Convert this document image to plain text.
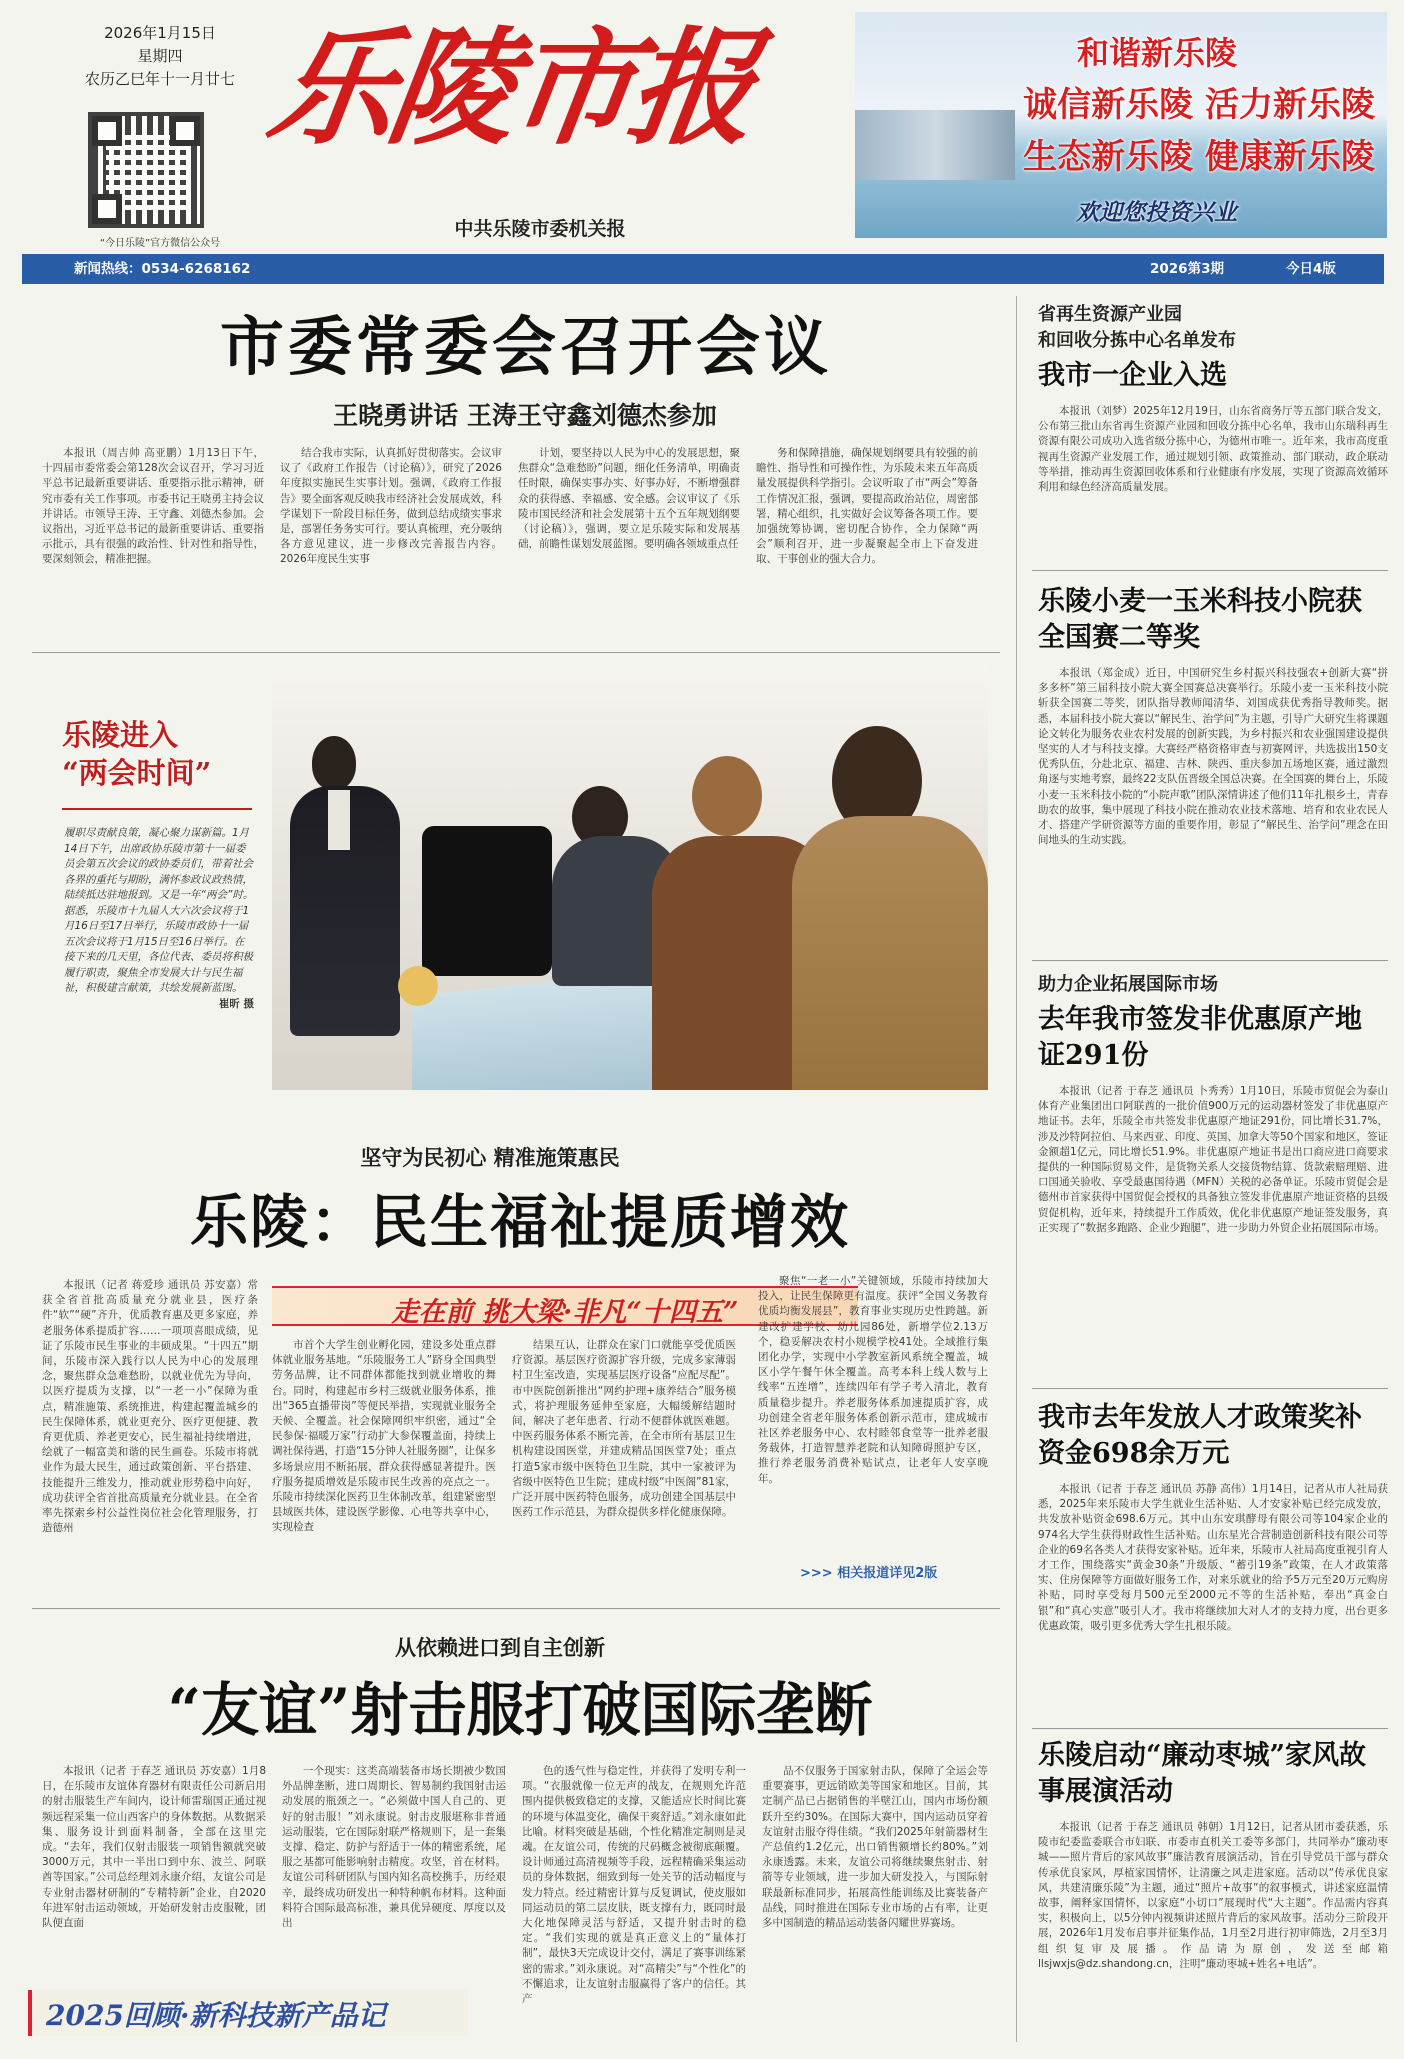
2026年1月15日
星期四
农历乙巳年十一月廿七
“今日乐陵”官方微信公众号
乐陵市报
中共乐陵市委机关报
和谐新乐陵
诚信新乐陵 活力新乐陵
生态新乐陵 健康新乐陵
欢迎您投资兴业
新闻热线：0534-6268162	2026第3期	今日4版
市委常委会召开会议
王晓勇讲话 王涛王守鑫刘德杰参加

本报讯（周吉帅 高亚鹏）1月13日下午，十四届市委常委会第128次会议召开，学习习近平总书记最新重要讲话、重要指示批示精神，研究市委有关工作事项。市委书记王晓勇主持会议并讲话。市领导王涛、王守鑫、刘德杰参加。会议指出，习近平总书记的最新重要讲话、重要指示批示，具有很强的政治性、针对性和指导性，要深刻领会，精准把握。

结合我市实际，认真抓好贯彻落实。会议审议了《政府工作报告（讨论稿）》，研究了2026年度拟实施民生实事计划。强调，《政府工作报告》要全面客观反映我市经济社会发展成效，科学谋划下一阶段目标任务，做到总结成绩实事求是，部署任务务实可行。要认真梳理，充分吸纳各方意见建议，进一步修改完善报告内容。2026年度民生实事

计划，要坚持以人民为中心的发展思想，聚焦群众“急难愁盼”问题，细化任务清单，明确责任时限，确保实事办实、好事办好，不断增强群众的获得感、幸福感、安全感。会议审议了《乐陵市国民经济和社会发展第十五个五年规划纲要（讨论稿）》，强调，要立足乐陵实际和发展基础，前瞻性谋划发展蓝图。要明确各领域重点任

务和保障措施，确保规划纲要具有较强的前瞻性、指导性和可操作性，为乐陵未来五年高质量发展提供科学指引。会议听取了市“两会”筹备工作情况汇报，强调，要提高政治站位，周密部署，精心组织，扎实做好会议筹备各项工作。要加强统筹协调，密切配合协作，全力保障“两会”顺利召开，进一步凝聚起全市上下奋发进取、干事创业的强大合力。

乐陵进入
“两会时间”
履职尽责献良策，凝心聚力谋新篇。1月14日下午，出席政协乐陵市第十一届委员会第五次会议的政协委员们，带着社会各界的重托与期盼，满怀参政议政热情，陆续抵达驻地报到。又是一年“两会”时。据悉，乐陵市十九届人大六次会议将于1月16日至17日举行，乐陵市政协十一届五次会议将于1月15日至16日举行。在接下来的几天里，各位代表、委员将积极履行职责，聚焦全市发展大计与民生福祉，积极建言献策，共绘发展新蓝图。
崔昕 摄
坚守为民初心 精准施策惠民
乐陵：民生福祉提质增效

本报讯（记者 蒋爱珍 通讯员 苏安嘉）常获全省首批高质量充分就业县，医疗条件“软”“硬”齐升，优质教育惠及更多家庭，养老服务体系提质扩容……一项项喜眼成绩，见证了乐陵市民生事业的丰硕成果。“十四五”期间，乐陵市深入践行以人民为中心的发展理念，聚焦群众急难愁盼，以就业优先为导向，以医疗提质为支撑，以“一老一小”保障为重点，精准施策、系统推进，构建起覆盖城乡的民生保障体系，就业更充分、医疗更便捷、教育更优质、养老更安心，民生福祉持续增进，绘就了一幅富美和谐的民生画卷。乐陵市将就业作为最大民生，通过政策创新、平台搭建、技能提升三维发力，推动就业形势稳中向好，成功获评全省首批高质量充分就业县。在全省率先探索乡村公益性岗位社会化管理服务，打造德州

走在前 挑大梁·非凡“十四五”

市首个大学生创业孵化园，建设多处重点群体就业服务基地。“乐陵服务工人”跻身全国典型劳务品牌，让不同群体都能找到就业增收的舞台。同时，构建起市乡村三级就业服务体系，推出“365直播带岗”等便民举措，实现就业服务全天候、全覆盖。社会保障网织牢织密，通过“全民参保·福暖万家”行动扩大参保覆盖面，持续上调社保待遇，打造“15分钟人社服务圈”，让保多多场景应用不断拓展，群众获得感显著提升。医疗服务提质增效是乐陵市民生改善的亮点之一。乐陵市持续深化医药卫生体制改革，组建紧密型县域医共体，建设医学影像、心电等共享中心，实现检查

结果互认，让群众在家门口就能享受优质医疗资源。基层医疗资源扩容升级，完成多家薄弱村卫生室改造，实现基层医疗设备“应配尽配”。市中医院创新推出“网约护理+康养结合”服务模式，将护理服务延伸至家庭，大幅缓解结题时间，解决了老年患者、行动不便群体就医难题。中医药服务体系不断完善，在全市所有基层卫生机构建设国医堂，并建成精品国医堂7处；重点打造5家市级中医特色卫生院，其中一家被评为省级中医特色卫生院；建成村级“中医阁”81家，广泛开展中医药特色服务，成功创建全国基层中医药工作示范县，为群众提供多样化健康保障。

聚焦“一老一小”关键领域，乐陵市持续加大投入，让民生保障更有温度。获评“全国义务教育优质均衡发展县”，教育事业实现历史性跨越。新建改扩建学校、幼儿园86处，新增学位2.13万个，稳妥解决农村小规模学校41处。全域推行集团化办学，实现中小学教室新风系统全覆盖，城区小学午餐午休全覆盖。高考本科上线人数与上线率“五连增”，连续四年有学子考入清北，教育质量稳步提升。养老服务体系加速提质扩容，成功创建全省老年服务体系创新示范市，建成城市社区养老服务中心、农村睦邻食堂等一批养老服务载体，打造智慧养老院和认知障碍照护专区，推行养老服务消费补贴试点，让老年人安享晚年。

>>> 相关报道详见2版
从依赖进口到自主创新
“友谊”射击服打破国际垄断

本报讯（记者 于春芝 通讯员 苏安嘉）1月8日，在乐陵市友谊体育器材有限责任公司新启用的射击服装生产车间内，设计师雷瑞国正通过视频远程采集一位山西客户的身体数据。从数据采集、服务设计到面料制备，全部在这里完成。“去年，我们仅射击服装一项销售额就突破3000万元，其中一半出口到中东、波兰、阿联酋等国家。”公司总经理刘永康介绍，友谊公司是专业射击器材研制的“专精特新”企业，自2020年进军射击运动领域，开始研发射击皮服靴，团队便直面

一个现实：这类高端装备市场长期被少数国外品牌垄断，进口周期长、智易制约我国射击运动发展的瓶颈之一。“必须做中国人自己的、更好的射击服！”刘永康说。射击皮服堪称非普通运动服装，它在国际射联严格规则下，是一套集支撑、稳定、防护与舒适于一体的精密系统，尾服之基都可能影响射击精度。攻坚，首在材料。友谊公司科研团队与国内知名高校携手，历经艰辛，最终成功研发出一种特种帆布材料。这种面料符合国际最高标准，兼具优异硬度、厚度以及出

色的透气性与稳定性，并获得了发明专利一项。“衣服就像一位无声的战友，在规则允许范围内提供极致稳定的支撑，又能适应长时间比赛的环境与体温变化，确保干爽舒适。”刘永康如此比喻。材料突破是基础，个性化精准定制则是灵魂。在友谊公司，传统的尺码概念被彻底颠覆。设计师通过高清视频等手段，远程精确采集运动员的身体数据，细致到每一处关节的活动幅度与发力特点。经过精密计算与反复调试，使皮服如同运动员的第二层皮肤，既支撑有力，既同时最大化地保障灵活与舒适，又提升射击时的稳定。“我们实现的就是真正意义上的“量体打制”，最快3天完成设计交付，满足了赛事训练紧密的需求。”刘永康说。对“高精尖”与“个性化”的不懈追求，让友谊射击服赢得了客户的信任。其产

品不仅服务于国家射击队，保障了全运会等重要赛事，更远销欧美等国家和地区。目前，其定制产品已占据销售的半壁江山，国内市场份额跃升至约30%。在国际大赛中，国内运动员穿着友谊射击服夺得佳绩。“我们2025年射箭器材生产总值约1.2亿元，出口销售额增长约80%。”刘永康透露。未来，友谊公司将继续聚焦射击、射箭等专业领域，进一步加大研发投入，与国际射联最新标准同步，拓展高性能训练及比赛装备产品线，同时推进在国际专业市场的占有率，让更多中国制造的精品运动装备闪耀世界赛场。

2025回顾·新科技新产品记
省再生资源产业园
和回收分拣中心名单发布
我市一企业入选

本报讯（刘梦）2025年12月19日，山东省商务厅等五部门联合发文，公布第三批山东省再生资源产业园和回收分拣中心名单，我市山东瑞科再生资源有限公司成功入选省级分拣中心，为德州市唯一。近年来，我市高度重视再生资源产业发展工作，通过规划引领、政策推动、部门联动，政企联动等举措，推动再生资源回收体系和行业健康有序发展，实现了资源高效循环利用和绿色经济高质量发展。

乐陵小麦一玉米科技小院获全国赛二等奖

本报讯（郑金成）近日，中国研究生乡村振兴科技强农+创新大赛“拼多多杯”第三届科技小院大赛全国赛总决赛举行。乐陵小麦一玉米科技小院斩获全国赛二等奖，团队指导教师闻清华、刘国成获优秀指导教师奖。据悉，本届科技小院大赛以“解民生、治学问”为主题，引导广大研究生将课题论文转化为服务农业农村发展的创新实践，为乡村振兴和农业强国建设提供坚实的人才与科技支撑。大赛经严格资格审查与初赛网评，共选拔出150支优秀队伍，分赴北京、福建、吉林、陕西、重庆参加五场地区赛，通过激烈角逐与实地考察，最终22支队伍晋级全国总决赛。在全国赛的舞台上，乐陵小麦一玉米科技小院的“小院声歌”团队深情讲述了他们11年扎根乡土，青春助农的故事，集中展现了科技小院在推动农业技术落地、培育和农业农民人才、搭建产学研资源等方面的重要作用，彰显了“解民生、治学问”理念在田间地头的生动实践。

助力企业拓展国际市场
去年我市签发非优惠原产地证291份

本报讯（记者 于春芝 通讯员 卜秀秀）1月10日，乐陵市贸促会为泰山体育产业集团出口阿联酋的一批价值900万元的运动器材签发了非优惠原产地证书。去年，乐陵全市共签发非优惠原产地证291份，同比增长31.7%，涉及沙特阿拉伯、马来西亚、印度、英国、加拿大等50个国家和地区，签证金额超1亿元，同比增长51.9%。非优惠原产地证书是出口商应进口商要求提供的一种国际贸易文件，是货物关系人交接货物结算、货款索赔理赔、进口国通关验收、享受最惠国待遇（MFN）关税的必备单证。乐陵市贸促会是德州市首家获得中国贸促会授权的具备独立签发非优惠原产地证资格的县级贸促机构，近年来，持续提升工作质效，优化非优惠原产地证签发服务，真正实现了“数据多跑路、企业少跑腿”，进一步助力外贸企业拓展国际市场。

我市去年发放人才政策奖补资金698余万元

本报讯（记者 于春芝 通讯员 苏静 高伟）1月14日，记者从市人社局获悉，2025年来乐陵市大学生就业生活补贴、人才安家补贴已经完成发放，共发放补贴资金698.6万元。其中山东安琪酵母有限公司等104家企业的974名大学生获得财政性生活补贴。山东星光合营制造创新科技有限公司等企业的69名各类人才获得安家补贴。近年来，乐陵市人社局高度重视引育人才工作，围绕落实“黄金30条”升级版、“蓄引19条”政策，在人才政策落实、住房保障等方面做好服务工作，对来乐就业的给予5万元至20万元购房补贴，同时享受每月500元至2000元不等的生活补贴，奉出“真金白银”和“真心实意”吸引人才。我市将继续加大对人才的支持力度，出台更多优惠政策，吸引更多优秀大学生扎根乐陵。

乐陵启动“廉动枣城”家风故事展演活动

本报讯（记者 于春芝 通讯员 韩朝）1月12日，记者从团市委获悉，乐陵市纪委监委联合市妇联、市委市直机关工委等多部门，共同举办“廉动枣城——照片背后的家风故事”廉洁教育展演活动，旨在引导党员干部与群众传承优良家风，厚植家国情怀，让清廉之风走进家庭。活动以“传承优良家风，共建清廉乐陵”为主题，通过“照片+故事”的叙事模式，讲述家庭温情故事，阐释家国情怀，以家庭“小切口”展现时代“大主题”。作品需内容真实，积极向上，以5分钟内视频讲述照片背后的家风故事。活动分三阶段开展，2026年1月发布启事并征集作品，1月至2月进行初审筛选，2月至3月组织复审及展播。作品请为原创，发送至邮箱 llsjwxjs@dz.shandong.cn，注明“廉动枣城+姓名+电话”。
